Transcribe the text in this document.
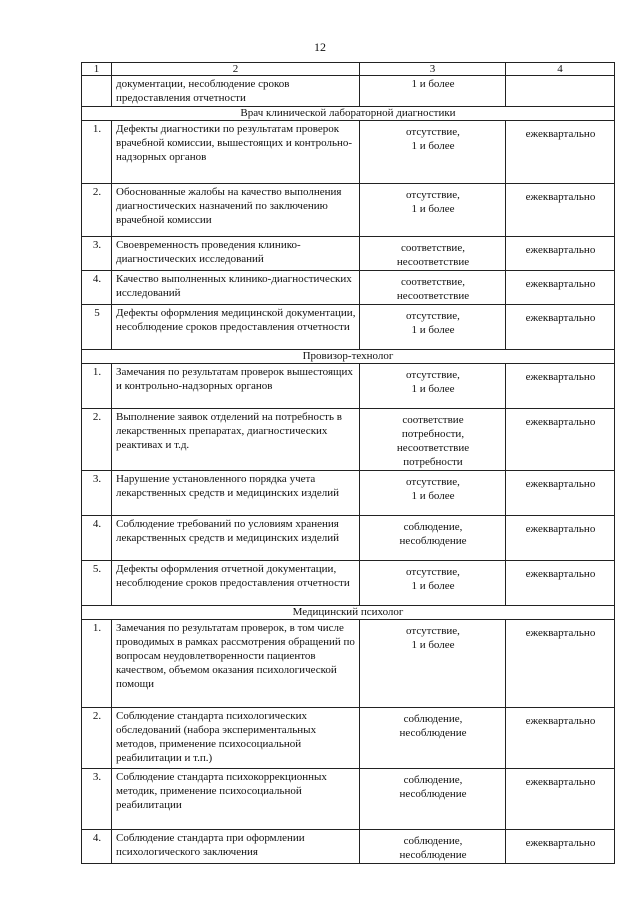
12
1	2	3	4
	документации, несоблюдение сроков предоставления отчетности	1 и более	
Врач клинической лабораторной диагностики			
1.	Дефекты диагностики по результатам проверок врачебной комиссии, вышестоящих и контрольно-надзорных органов	отсутствие,
1 и более	ежеквартально
2.	Обоснованные жалобы на качество выполнения диагностических назначений по заключению врачебной комиссии	отсутствие,
1 и более	ежеквартально
3.	Своевременность проведения клинико-диагностических исследований	соответствие,
несоответствие	ежеквартально
4.	Качество выполненных клинико-диагностических исследований	соответствие,
несоответствие	ежеквартально
5	Дефекты оформления медицинской документации, несоблюдение сроков предоставления отчетности	отсутствие,
1 и более	ежеквартально
Провизор-технолог			
1.	Замечания по результатам проверок вышестоящих и контрольно-надзорных органов	отсутствие,
1 и более	ежеквартально
2.	Выполнение заявок отделений на потребность в лекарственных препаратах, диагностических реактивах и т.д.	соответствие
потребности,
несоответствие
потребности	ежеквартально
3.	Нарушение установленного порядка учета лекарственных средств и медицинских изделий	отсутствие,
1 и более	ежеквартально
4.	Соблюдение требований по условиям хранения лекарственных средств и медицинских изделий	соблюдение,
несоблюдение	ежеквартально
5.	Дефекты оформления отчетной документации, несоблюдение сроков предоставления отчетности	отсутствие,
1 и более	ежеквартально
Медицинский психолог			
1.	Замечания по результатам проверок, в том числе проводимых в рамках рассмотрения обращений по вопросам неудовлетворенности пациентов качеством, объемом оказания психологической помощи	отсутствие,
1 и более	ежеквартально
2.	Соблюдение стандарта психологических обследований (набора экспериментальных методов, применение психосоциальной реабилитации и т.п.)	соблюдение,
несоблюдение	ежеквартально
3.	Соблюдение стандарта психокоррекционных методик, применение психосоциальной реабилитации	соблюдение,
несоблюдение	ежеквартально
4.	Соблюдение стандарта при оформлении психологического заключения	соблюдение,
несоблюдение	ежеквартально
